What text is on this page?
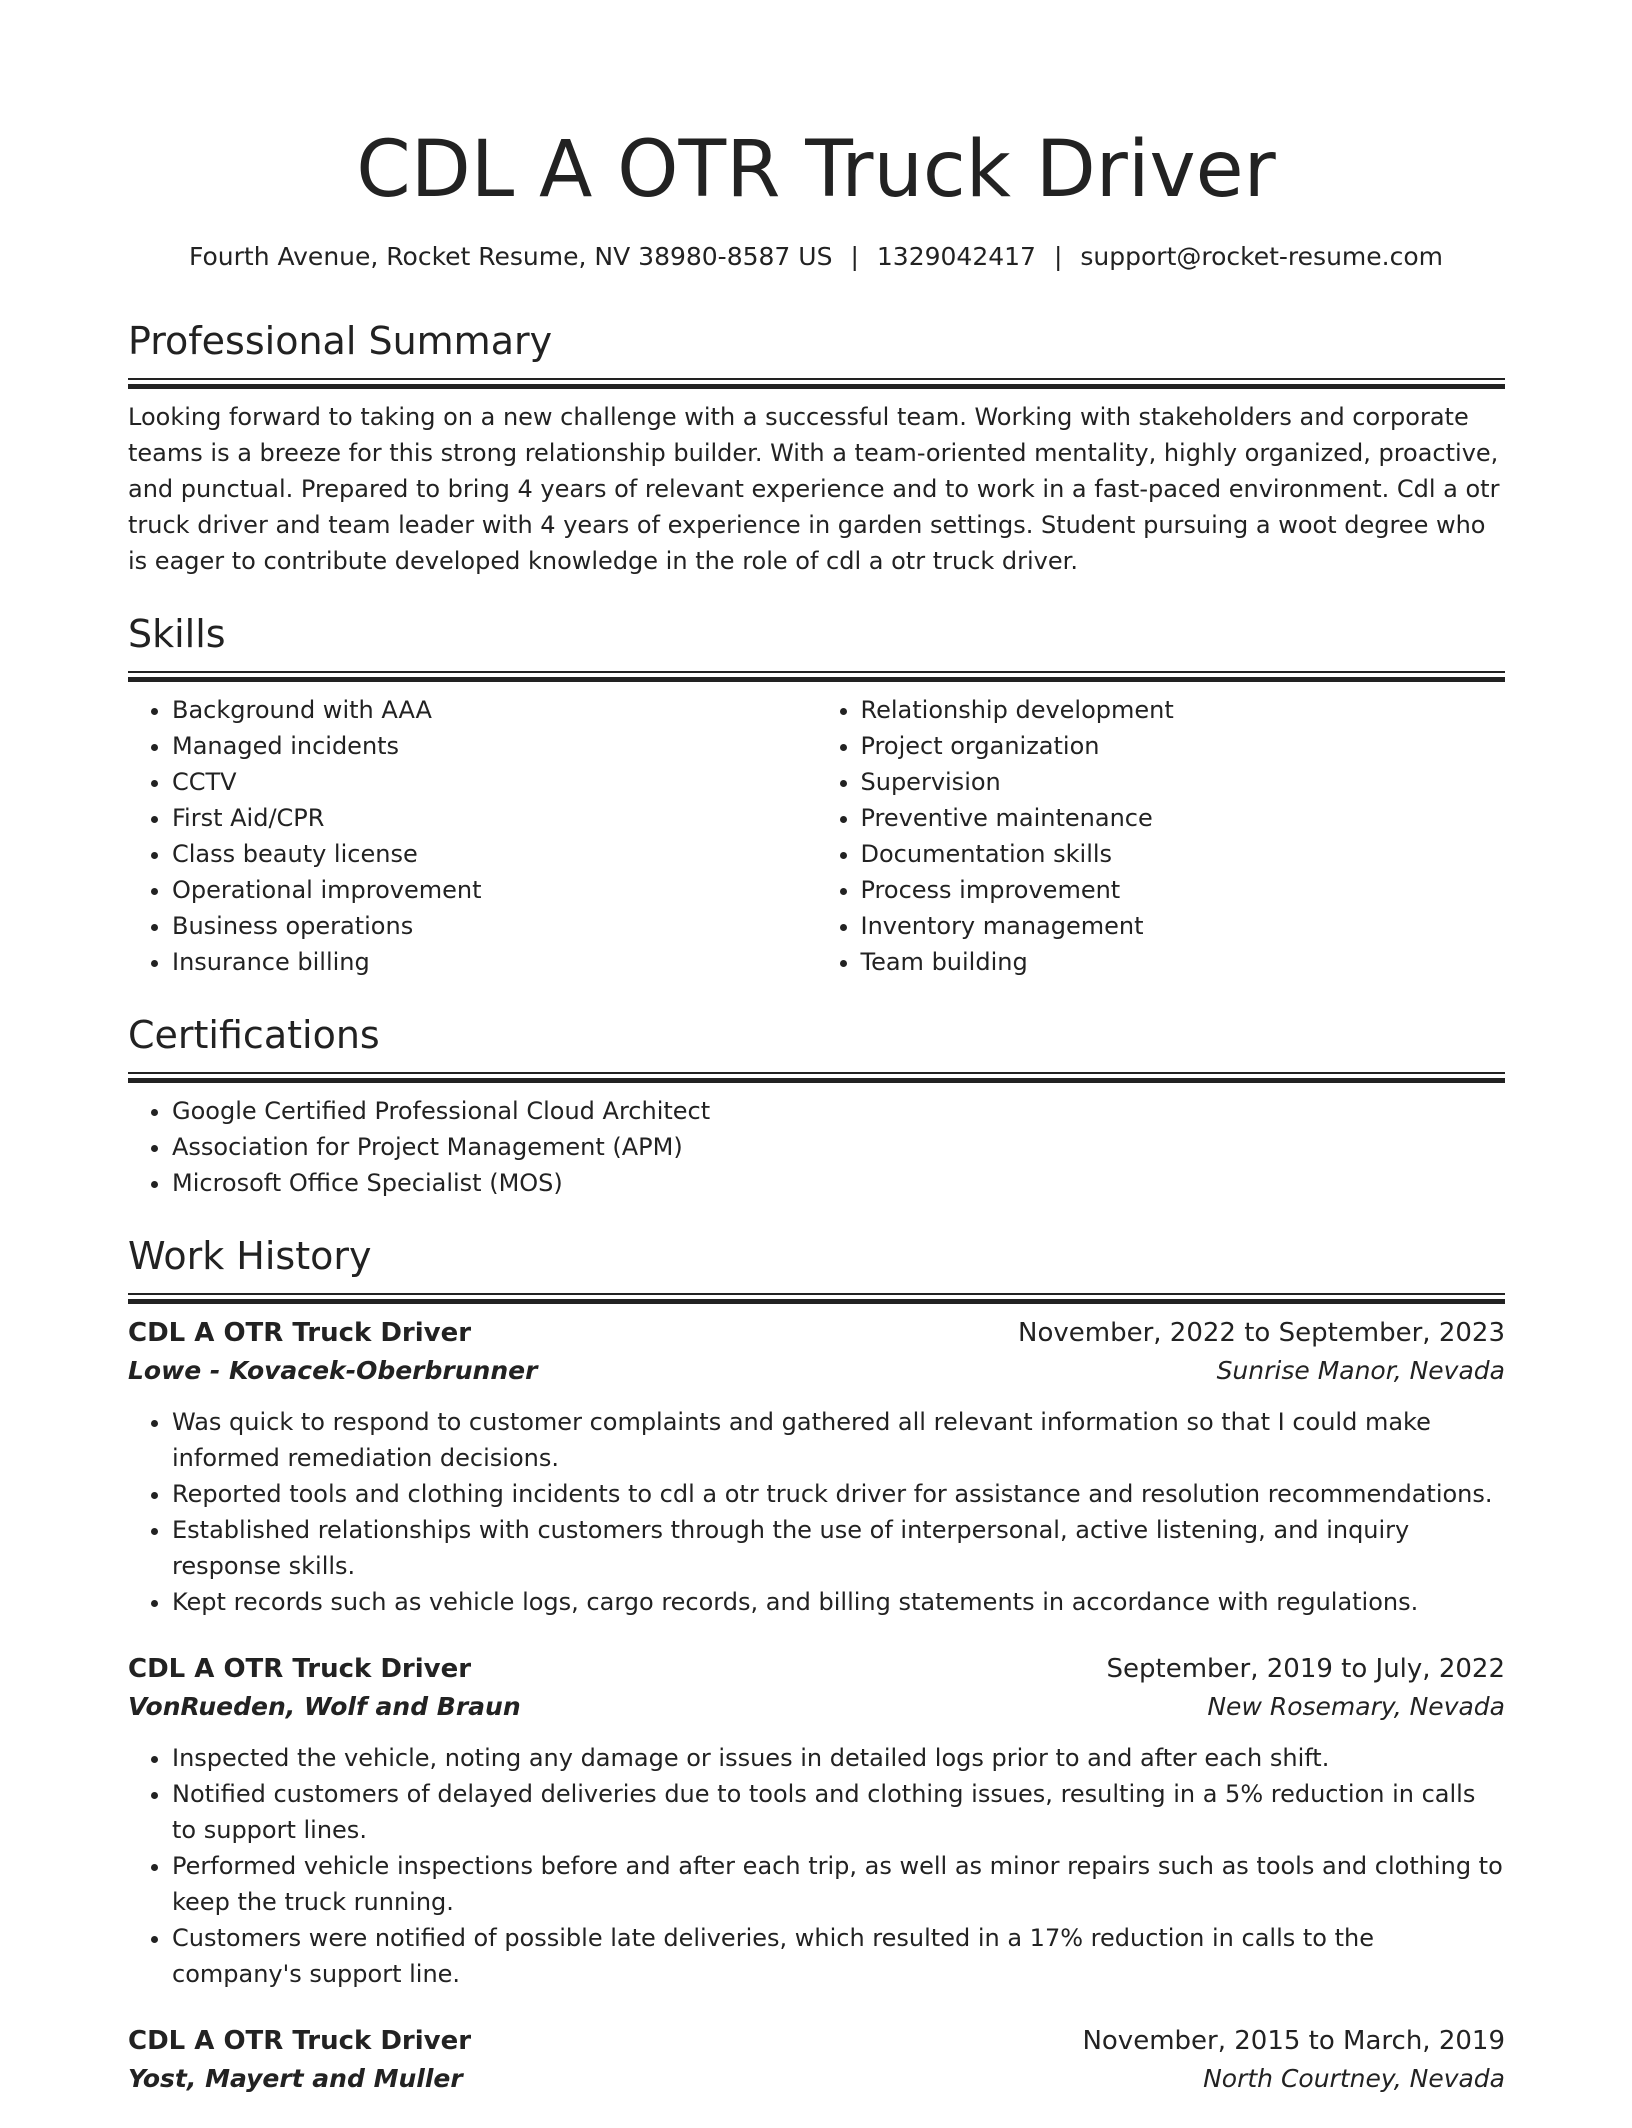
CDL A OTR Truck Driver
Fourth Avenue, Rocket Resume, NV 38980-8587 US | 1329042417 | support@rocket-resume.com
Professional Summary

Looking forward to taking on a new challenge with a successful team. Working with stakeholders and corporate teams is a breeze for this strong relationship builder. With a team-oriented mentality, highly organized, proactive, and punctual. Prepared to bring 4 years of relevant experience and to work in a fast-paced environment. Cdl a otr truck driver and team leader with 4 years of experience in garden settings. Student pursuing a woot degree who is eager to contribute developed knowledge in the role of cdl a otr truck driver.

Skills
• Background with AAA
• Managed incidents
• CCTV
• First Aid/CPR
• Class beauty license
• Operational improvement
• Business operations
• Insurance billing
• Relationship development
• Project organization
• Supervision
• Preventive maintenance
• Documentation skills
• Process improvement
• Inventory management
• Team building
Certifications
• Google Certified Professional Cloud Architect
• Association for Project Management (APM)
• Microsoft Office Specialist (MOS)
Work History
CDL A OTR Truck Driver	November, 2022 to September, 2023
Lowe - Kovacek-Oberbrunner	Sunrise Manor, Nevada
• Was quick to respond to customer complaints and gathered all relevant information so that I could make informed remediation decisions.
• Reported tools and clothing incidents to cdl a otr truck driver for assistance and resolution recommendations.
• Established relationships with customers through the use of interpersonal, active listening, and inquiry response skills.
• Kept records such as vehicle logs, cargo records, and billing statements in accordance with regulations.
CDL A OTR Truck Driver	September, 2019 to July, 2022
VonRueden, Wolf and Braun	New Rosemary, Nevada
• Inspected the vehicle, noting any damage or issues in detailed logs prior to and after each shift.
• Notified customers of delayed deliveries due to tools and clothing issues, resulting in a 5% reduction in calls to support lines.
• Performed vehicle inspections before and after each trip, as well as minor repairs such as tools and clothing to keep the truck running.
• Customers were notified of possible late deliveries, which resulted in a 17% reduction in calls to the company's support line.
CDL A OTR Truck Driver	November, 2015 to March, 2019
Yost, Mayert and Muller	North Courtney, Nevada
